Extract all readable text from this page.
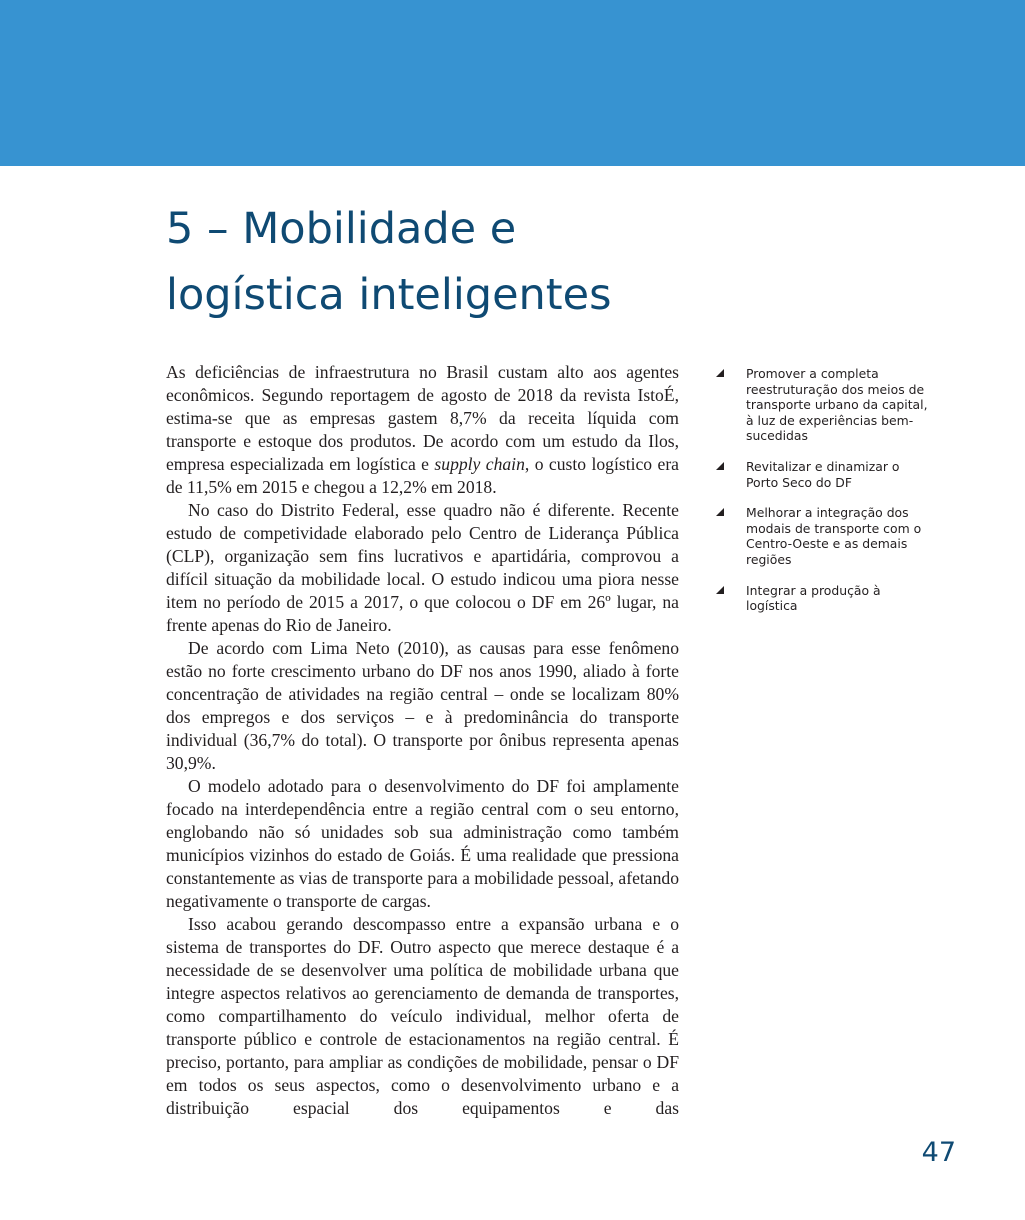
5 – Mobilidade e
logística inteligentes

As deficiências de infraestrutura no Brasil custam alto aos agentes econômicos. Segundo reportagem de agosto de 2018 da revista IstoÉ, estima-se que as empresas gastem 8,7% da receita líquida com transporte e estoque dos produtos. De acordo com um estudo da Ilos, empresa especializada em logística e supply chain, o custo logístico era de 11,5% em 2015 e chegou a 12,2% em 2018.

No caso do Distrito Federal, esse quadro não é diferente. Recente estudo de competividade elaborado pelo Centro de Liderança Pública (CLP), organização sem fins lucrativos e apartidária, comprovou a difícil situação da mobilidade local. O estudo indicou uma piora nesse item no período de 2015 a 2017, o que colocou o DF em 26º lugar, na frente apenas do Rio de Janeiro.

De acordo com Lima Neto (2010), as causas para esse fenômeno estão no forte crescimento urbano do DF nos anos 1990, aliado à forte concentração de atividades na região central – onde se localizam 80% dos empregos e dos serviços – e à predominância do transporte individual (36,7% do total). O transporte por ônibus representa apenas 30,9%.

O modelo adotado para o desenvolvimento do DF foi amplamente focado na interdependência entre a região central com o seu entorno, englobando não só unidades sob sua administração como também municípios vizinhos do estado de Goiás. É uma realidade que pressiona constantemente as vias de transporte para a mobilidade pessoal, afetando negativamente o transporte de cargas.

Isso acabou gerando descompasso entre a expansão urbana e o sistema de transportes do DF. Outro aspecto que merece destaque é a necessidade de se desenvolver uma política de mobilidade urbana que integre aspectos relativos ao gerenciamento de demanda de transportes, como compartilhamento do veículo individual, melhor oferta de transporte público e controle de estacionamentos na região central. É preciso, portanto, para ampliar as condições de mobilidade, pensar o DF em todos os seus aspectos, como o desenvolvimento urbano e a distribuição espacial dos equipamentos e das

Promover a completa reestruturação dos meios de transporte urbano da capital, à luz de experiências bem-sucedidas
Revitalizar e dinamizar o Porto Seco do DF
Melhorar a integração dos modais de transporte com o Centro-Oeste e as demais regiões
Integrar a produção à logística
47
